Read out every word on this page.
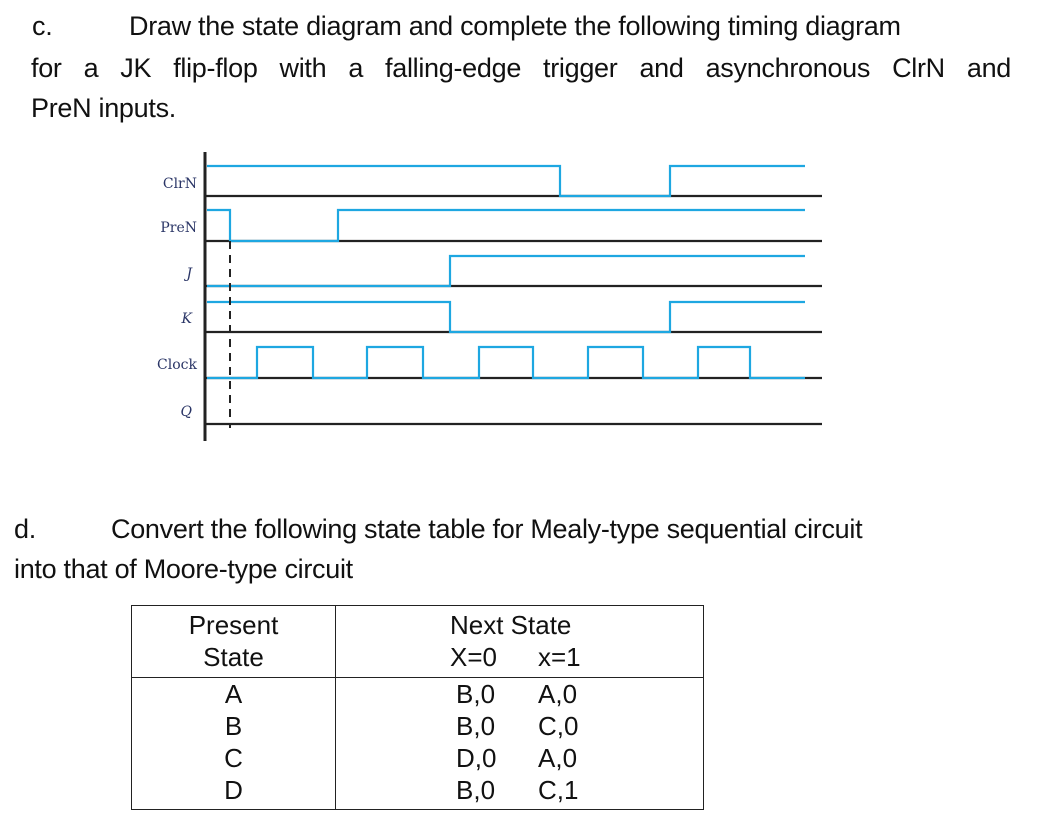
c.	Draw the state diagram and complete the following timing diagram
for a JK flip-flop with a falling-edge trigger and asynchronous ClrN and
PreN inputs.
ClrN
PreN
J
K
Clock
Q
d.	Convert the following state table for Mealy-type sequential circuit
into that of Moore-type circuit
Present
State
Next State
X=0 x=1
A	B,0 A,0
B	B,0 C,0
C	D,0 A,0
D	B,0 C,1
